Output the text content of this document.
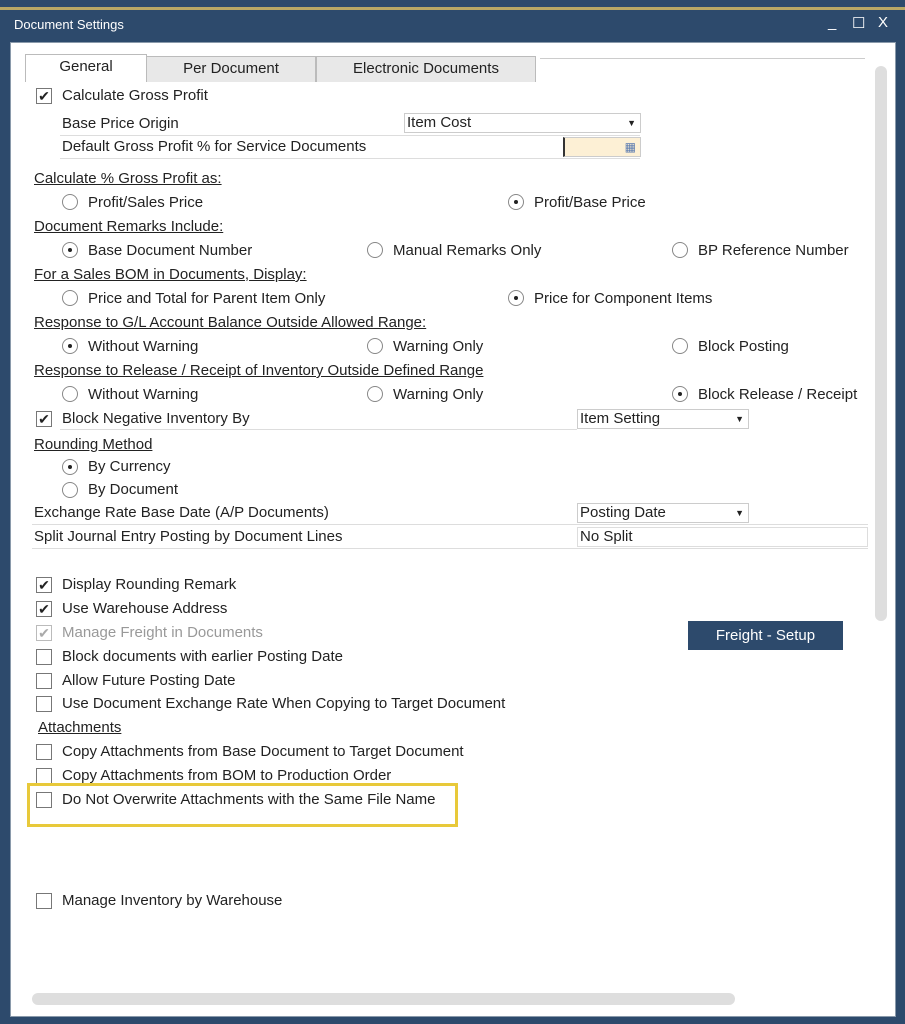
Document Settings	_ ☐ X
Per Document	Electronic Documents
General
✔ Calculate Gross Profit
Base Price Origin	Item Cost	▼
Default Gross Profit % for Service Documents	▦
Calculate % Gross Profit as:
Profit/Sales Price	Profit/Base Price
Document Remarks Include:
Base Document Number	Manual Remarks Only	BP Reference Number
For a Sales BOM in Documents, Display:
Price and Total for Parent Item Only	Price for Component Items
Response to G/L Account Balance Outside Allowed Range:
Without Warning	Warning Only	Block Posting
Response to Release / Receipt of Inventory Outside Defined Range
Without Warning	Warning Only	Block Release / Receipt
✔ Block Negative Inventory By	Item Setting	▼
Rounding Method
By Currency
By Document
Exchange Rate Base Date (A/P Documents)	Posting Date	▼
Split Journal Entry Posting by Document Lines	No Split
✔ Display Rounding Remark
✔ Use Warehouse Address
✔ Manage Freight in Documents	Freight - Setup
Block documents with earlier Posting Date
Allow Future Posting Date
Use Document Exchange Rate When Copying to Target Document
Attachments
Copy Attachments from Base Document to Target Document
Copy Attachments from BOM to Production Order
Do Not Overwrite Attachments with the Same File Name
Manage Inventory by Warehouse
